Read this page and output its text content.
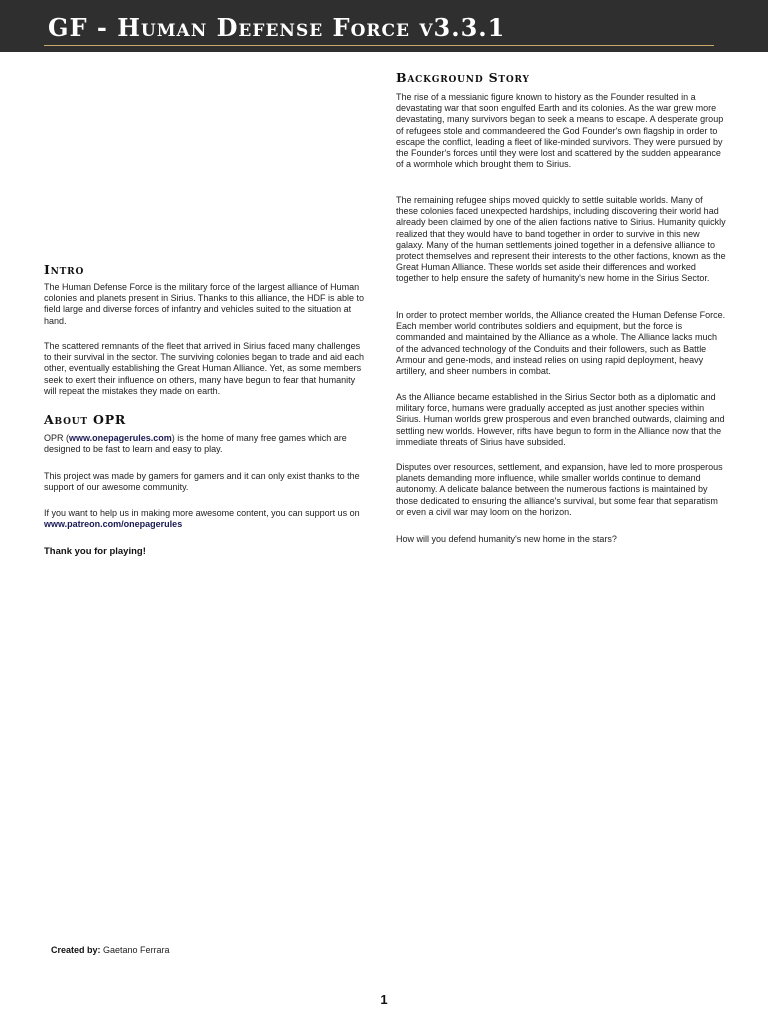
GF - Human Defense Force v3.3.1
Background Story

The rise of a messianic figure known to history as the Founder resulted in a devastating war that soon engulfed Earth and its colonies. As the war grew more devastating, many survivors began to seek a means to escape. A desperate group of refugees stole and commandeered the God Founder's own flagship in order to escape the conflict, leading a fleet of like-minded survivors. They were pursued by the Founder's forces until they were lost and scattered by the sudden appearance of a wormhole which brought them to Sirius.

The remaining refugee ships moved quickly to settle suitable worlds. Many of these colonies faced unexpected hardships, including discovering their world had already been claimed by one of the alien factions native to Sirius. Humanity quickly realized that they would have to band together in order to survive in this new galaxy. Many of the human settlements joined together in a defensive alliance to protect themselves and represent their interests to the other factions, known as the Great Human Alliance. These worlds set aside their differences and worked together to help ensure the safety of humanity's new home in the Sirius Sector.

In order to protect member worlds, the Alliance created the Human Defense Force. Each member world contributes soldiers and equipment, but the force is commanded and maintained by the Alliance as a whole. The Alliance lacks much of the advanced technology of the Conduits and their followers, such as Battle Armour and gene-mods, and instead relies on using rapid deployment, heavy artillery, and sheer numbers in combat.

As the Alliance became established in the Sirius Sector both as a diplomatic and military force, humans were gradually accepted as just another species within Sirius. Human worlds grew prosperous and even branched outwards, claiming and settling new worlds. However, rifts have begun to form in the Alliance now that the immediate threats of Sirius have subsided.

Disputes over resources, settlement, and expansion, have led to more prosperous planets demanding more influence, while smaller worlds continue to demand autonomy. A delicate balance between the numerous factions is maintained by those dedicated to ensuring the alliance's survival, but some fear that separatism or even a civil war may loom on the horizon.

How will you defend humanity's new home in the stars?

Intro

The Human Defense Force is the military force of the largest alliance of Human colonies and planets present in Sirius. Thanks to this alliance, the HDF is able to field large and diverse forces of infantry and vehicles suited to the situation at hand.

The scattered remnants of the fleet that arrived in Sirius faced many challenges to their survival in the sector. The surviving colonies began to trade and aid each other, eventually establishing the Great Human Alliance. Yet, as some members seek to exert their influence on others, many have begun to fear that humanity will repeat the mistakes they made on earth.

About OPR

OPR (www.onepagerules.com) is the home of many free games which are designed to be fast to learn and easy to play.

This project was made by gamers for gamers and it can only exist thanks to the support of our awesome community.

If you want to help us in making more awesome content, you can support us on www.patreon.com/onepagerules

Thank you for playing!

Created by: Gaetano Ferrara
1
